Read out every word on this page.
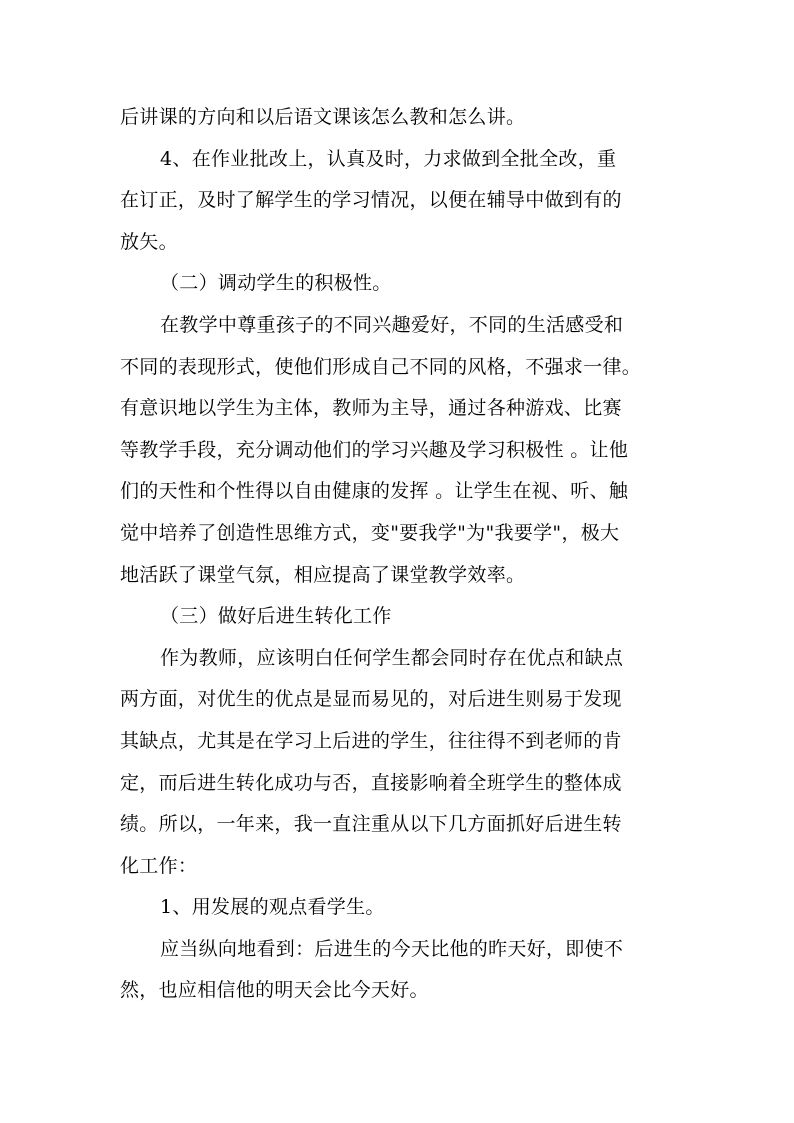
后讲课的方向和以后语文课该怎么教和怎么讲。
4、在作业批改上，认真及时，力求做到全批全改，重
在订正，及时了解学生的学习情况，以便在辅导中做到有的
放矢。
（二）调动学生的积极性。
在教学中尊重孩子的不同兴趣爱好，不同的生活感受和
不同的表现形式，使他们形成自己不同的风格，不强求一律。
有意识地以学生为主体，教师为主导，通过各种游戏、比赛
等教学手段，充分调动他们的学习兴趣及学习积极性 。让他
们的天性和个性得以自由健康的发挥 。让学生在视、听、触
觉中培养了创造性思维方式，变"要我学"为"我要学"，极大
地活跃了课堂气氛，相应提高了课堂教学效率。
（三）做好后进生转化工作
作为教师，应该明白任何学生都会同时存在优点和缺点
两方面，对优生的优点是显而易见的，对后进生则易于发现
其缺点，尤其是在学习上后进的学生，往往得不到老师的肯
定，而后进生转化成功与否，直接影响着全班学生的整体成
绩。所以，一年来，我一直注重从以下几方面抓好后进生转
化工作：
1、用发展的观点看学生。
应当纵向地看到：后进生的今天比他的昨天好，即使不
然，也应相信他的明天会比今天好。
